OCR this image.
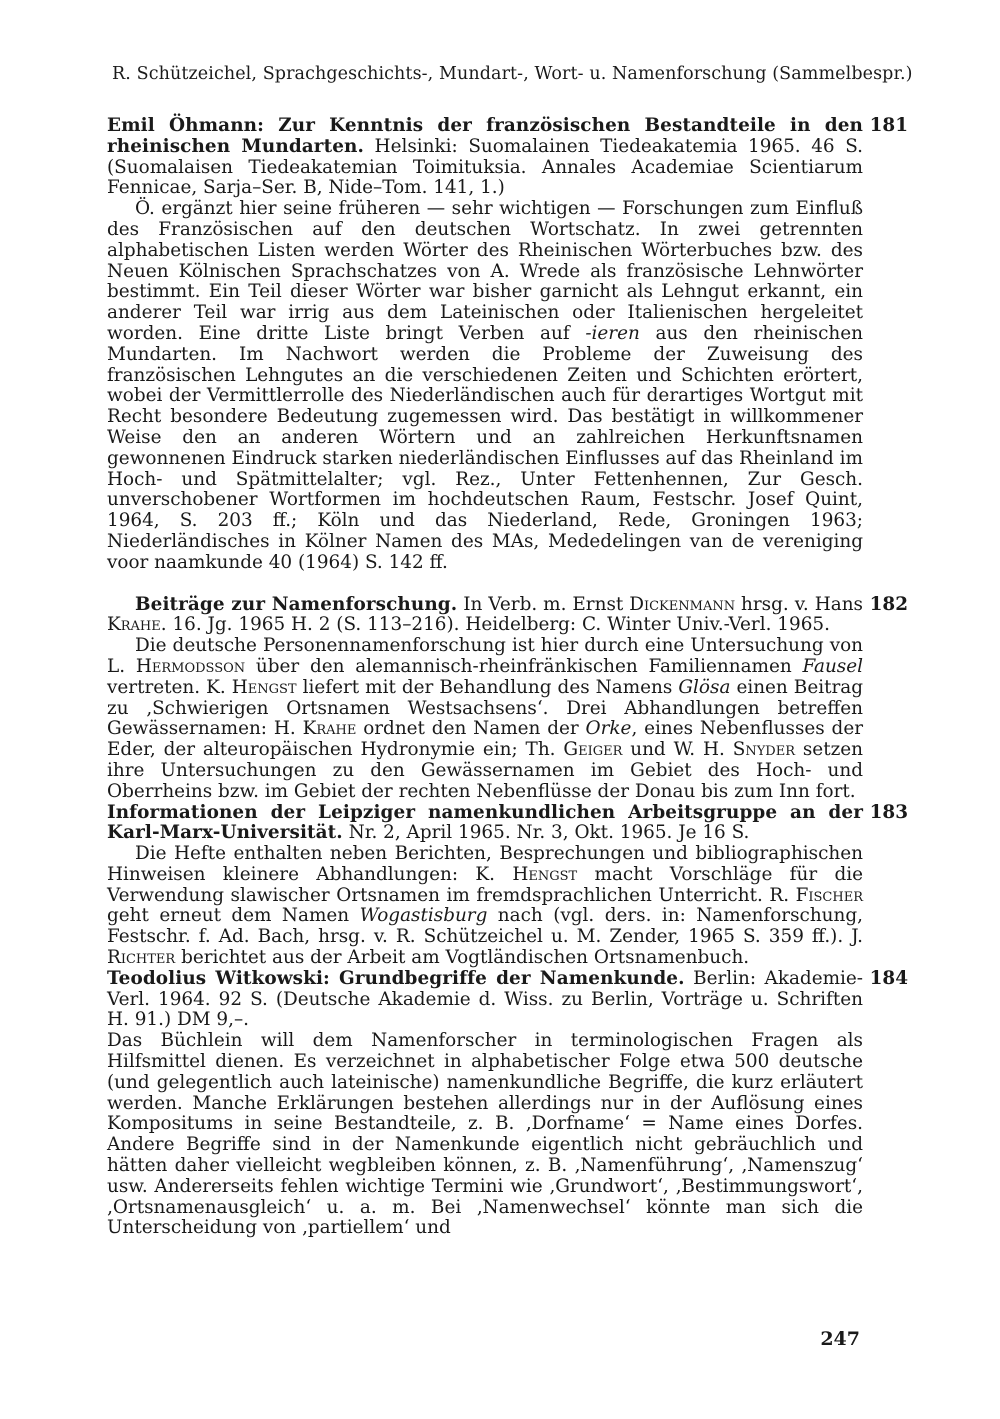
R. Schützeichel, Sprachgeschichts-, Mundart-, Wort- u. Namenforschung (Sammelbespr.)
181

Emil Öhmann: Zur Kenntnis der französischen Bestandteile in den rheinischen Mundarten. Helsinki: Suomalainen Tiedeakatemia 1965. 46 S. (Suomalaisen Tiedeakatemian Toimituksia. Annales Academiae Scientiarum Fennicae, Sarja–Ser. B, Nide–Tom. 141, 1.)

Ö. ergänzt hier seine früheren — sehr wichtigen — Forschungen zum Einfluß des Französischen auf den deutschen Wortschatz. In zwei getrennten alphabetischen Listen werden Wörter des Rheinischen Wörterbuches bzw. des Neuen Kölnischen Sprachschatzes von A. Wrede als französische Lehnwörter bestimmt. Ein Teil dieser Wörter war bisher garnicht als Lehngut erkannt, ein anderer Teil war irrig aus dem Lateinischen oder Italienischen hergeleitet worden. Eine dritte Liste bringt Verben auf -ieren aus den rheinischen Mundarten. Im Nachwort werden die Probleme der Zuweisung des französischen Lehngutes an die verschiedenen Zeiten und Schichten erörtert, wobei der Vermittlerrolle des Niederländischen auch für derartiges Wortgut mit Recht besondere Bedeutung zugemessen wird. Das bestätigt in willkommener Weise den an anderen Wörtern und an zahlreichen Herkunftsnamen gewonnenen Eindruck starken niederländischen Einflusses auf das Rheinland im Hoch- und Spätmittelalter; vgl. Rez., Unter Fettenhennen, Zur Gesch. unverschobener Wortformen im hochdeutschen Raum, Festschr. Josef Quint, 1964, S. 203 ff.; Köln und das Niederland, Rede, Groningen 1963; Niederländisches in Kölner Namen des MAs, Mededelingen van de vereniging voor naamkunde 40 (1964) S. 142 ff.

182

Beiträge zur Namenforschung. In Verb. m. Ernst Dickenmann hrsg. v. Hans Krahe. 16. Jg. 1965 H. 2 (S. 113–216). Heidelberg: C. Winter Univ.-Verl. 1965.

Die deutsche Personennamenforschung ist hier durch eine Untersuchung von L. Hermodsson über den alemannisch-rheinfränkischen Familiennamen Fausel vertreten. K. Hengst liefert mit der Behandlung des Namens Glösa einen Beitrag zu ‚Schwierigen Ortsnamen Westsachsens‘. Drei Abhandlungen betreffen Gewässernamen: H. Krahe ordnet den Namen der Orke, eines Nebenflusses der Eder, der alteuropäischen Hydronymie ein; Th. Geiger und W. H. Snyder setzen ihre Untersuchungen zu den Gewässernamen im Gebiet des Hoch- und Oberrheins bzw. im Gebiet der rechten Nebenflüsse der Donau bis zum Inn fort.

183

Informationen der Leipziger namenkundlichen Arbeitsgruppe an der Karl-Marx-Universität. Nr. 2, April 1965. Nr. 3, Okt. 1965. Je 16 S.

Die Hefte enthalten neben Berichten, Besprechungen und bibliographischen Hinweisen kleinere Abhandlungen: K. Hengst macht Vorschläge für die Verwendung slawischer Ortsnamen im fremdsprachlichen Unterricht. R. Fischer geht erneut dem Namen Wogastisburg nach (vgl. ders. in: Namenforschung, Festschr. f. Ad. Bach, hrsg. v. R. Schützeichel u. M. Zender, 1965 S. 359 ff.). J. Richter berichtet aus der Arbeit am Vogtländischen Ortsnamenbuch.

184

Teodolius Witkowski: Grundbegriffe der Namenkunde. Berlin: Akademie-Verl. 1964. 92 S. (Deutsche Akademie d. Wiss. zu Berlin, Vorträge u. Schriften H. 91.) DM 9,–.

Das Büchlein will dem Namenforscher in terminologischen Fragen als Hilfsmittel dienen. Es verzeichnet in alphabetischer Folge etwa 500 deutsche (und gelegentlich auch lateinische) namenkundliche Begriffe, die kurz erläutert werden. Manche Erklärungen bestehen allerdings nur in der Auflösung eines Kompositums in seine Bestandteile, z. B. ‚Dorfname‘ = Name eines Dorfes. Andere Begriffe sind in der Namenkunde eigentlich nicht gebräuchlich und hätten daher vielleicht wegbleiben können, z. B. ‚Namenführung‘, ‚Namenszug‘ usw. Andererseits fehlen wichtige Termini wie ‚Grundwort‘, ‚Bestimmungswort‘, ‚Ortsnamenausgleich‘ u. a. m. Bei ‚Namenwechsel‘ könnte man sich die Unterscheidung von ‚partiellem‘ und

247
